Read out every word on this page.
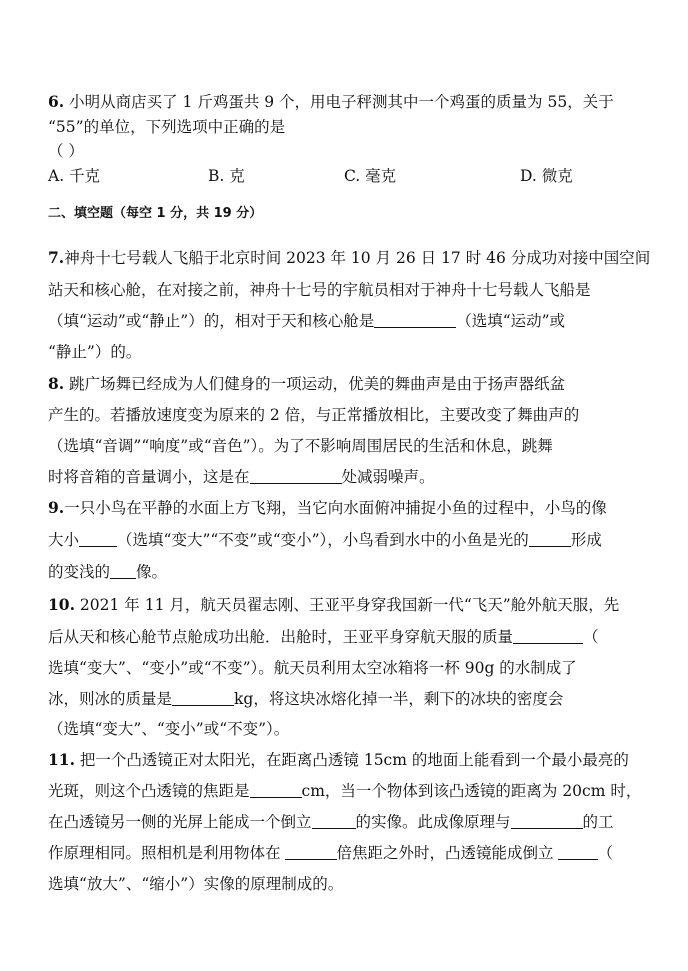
6. 小明从商店买了 1 斤鸡蛋共 9 个，用电子秤测其中一个鸡蛋的质量为 55，关于
“55”的单位，下列选项中正确的是
（ ）
A. 千克	B. 克	C. 毫克	D. 微克
二、填空题（每空 1 分，共 19 分）
7.神舟十七号载人飞船于北京时间 2023 年 10 月 26 日 17 时 46 分成功对接中国空间
站天和核心舱，在对接之前，神舟十七号的宇航员相对于神舟十七号载人飞船是
（填“运动”或“静止”）的，相对于天和核心舱是	（选填“运动”或
“静止”）的。
8. 跳广场舞已经成为人们健身的一项运动，优美的舞曲声是由于扬声器纸盆
产生的。若播放速度变为原来的 2 倍，与正常播放相比，主要改变了舞曲声的
（选填“音调”“响度”或“音色”）。为了不影响周围居民的生活和休息，跳舞
时将音箱的音量调小，这是在	处减弱噪声。
9.一只小鸟在平静的水面上方飞翔，当它向水面俯冲捕捉小鱼的过程中，小鸟的像
大小 （选填“变大”“不变”或“变小”），小鸟看到水中的小鱼是光的	形成
的变浅的 像。
10. 2021 年 11 月，航天员翟志刚、王亚平身穿我国新一代“飞天”舱外航天服，先
后从天和核心舱节点舱成功出舱．出舱时，王亚平身穿航天服的质量	（
选填“变大”、“变小”或“不变”）。航天员利用太空冰箱将一杯 90g 的水制成了
冰，则冰的质量是	kg，将这块冰熔化掉一半，剩下的冰块的密度会
（选填“变大”、“变小”或“不变”）。
11. 把一个凸透镜正对太阳光，在距离凸透镜 15cm 的地面上能看到一个最小最亮的
光斑，则这个凸透镜的焦距是	cm，当一个物体到该凸透镜的距离为 20cm 时，
在凸透镜另一侧的光屏上能成一个倒立	的实像。此成像原理与	的工
作原理相同。照相机是利用物体在	倍焦距之外时，凸透镜能成倒立	（
选填“放大”、“缩小”）实像的原理制成的。
